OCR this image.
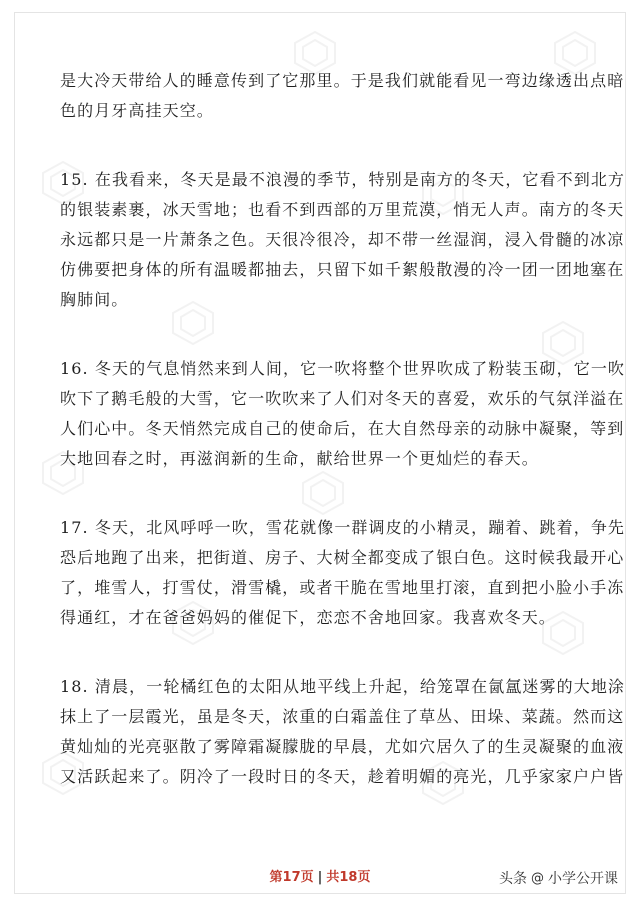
是大冷天带给人的睡意传到了它那里。于是我们就能看见一弯边缘透出点暗
色的月牙高挂天空。
15. 在我看来，冬天是最不浪漫的季节，特别是南方的冬天，它看不到北方
的银装素裹，冰天雪地；也看不到西部的万里荒漠，悄无人声。南方的冬天
永远都只是一片萧条之色。天很冷很冷，却不带一丝湿润，浸入骨髓的冰凉
仿佛要把身体的所有温暖都抽去，只留下如千絮般散漫的冷一团一团地塞在
胸肺间。
16. 冬天的气息悄然来到人间，它一吹将整个世界吹成了粉装玉砌，它一吹
吹下了鹅毛般的大雪，它一吹吹来了人们对冬天的喜爱，欢乐的气氛洋溢在
人们心中。冬天悄然完成自己的使命后，在大自然母亲的动脉中凝聚，等到
大地回春之时，再滋润新的生命，献给世界一个更灿烂的春天。
17. 冬天，北风呼呼一吹，雪花就像一群调皮的小精灵，蹦着、跳着，争先
恐后地跑了出来，把街道、房子、大树全都变成了银白色。这时候我最开心
了，堆雪人，打雪仗，滑雪橇，或者干脆在雪地里打滚，直到把小脸小手冻
得通红，才在爸爸妈妈的催促下，恋恋不舍地回家。我喜欢冬天。
18. 清晨，一轮橘红色的太阳从地平线上升起，给笼罩在氤氲迷雾的大地涂
抹上了一层霞光，虽是冬天，浓重的白霜盖住了草丛、田垛、菜蔬。然而这
黄灿灿的光亮驱散了雾障霜凝朦胧的早晨，尤如穴居久了的生灵凝聚的血液
又活跃起来了。阴冷了一段时日的冬天，趁着明媚的亮光，几乎家家户户皆
第17页 | 共18页	头条 @ 小学公开课
